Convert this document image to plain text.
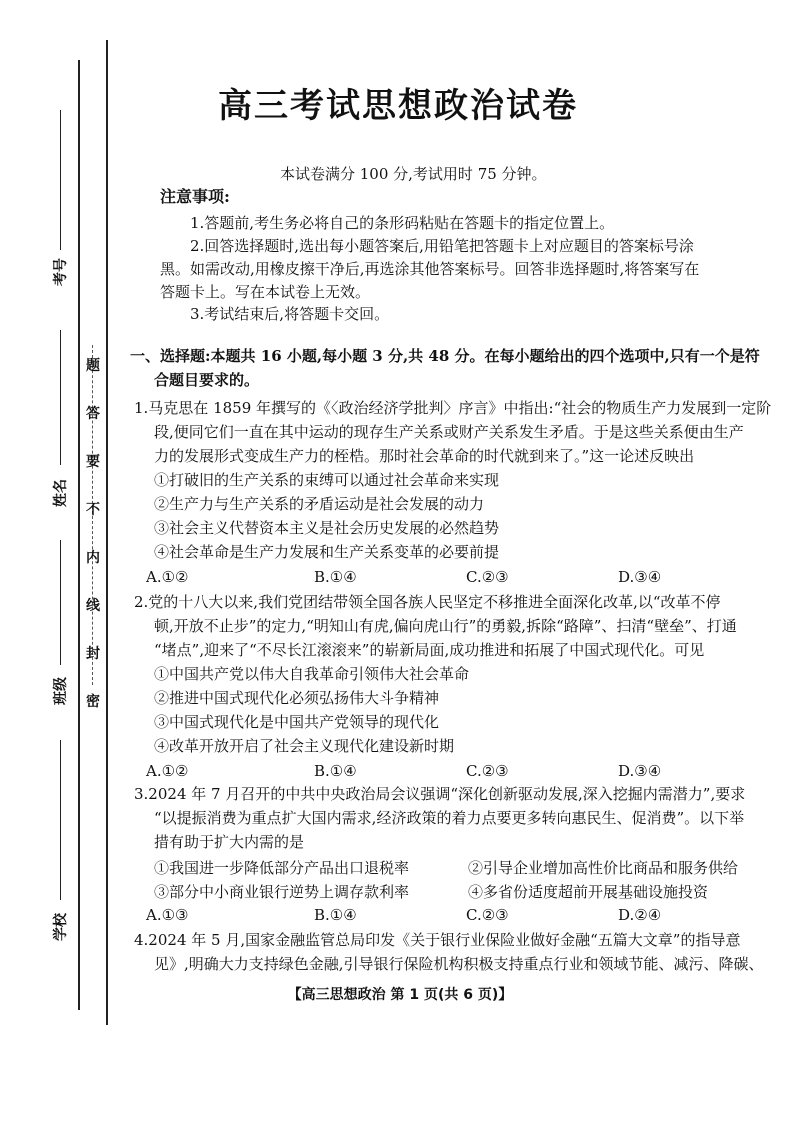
考号
姓名
班级
学校
题
答
要
不
内
线
封
密
高三考试思想政治试卷
本试卷满分 100 分,考试用时 75 分钟。
注意事项:
1.答题前,考生务必将自己的条形码粘贴在答题卡的指定位置上。
2.回答选择题时,选出每小题答案后,用铅笔把答题卡上对应题目的答案标号涂
黑。如需改动,用橡皮擦干净后,再选涂其他答案标号。回答非选择题时,将答案写在
答题卡上。写在本试卷上无效。
3.考试结束后,将答题卡交回。
一、选择题:本题共 16 小题,每小题 3 分,共 48 分。在每小题给出的四个选项中,只有一个是符
合题目要求的。
1.马克思在 1859 年撰写的《〈政治经济学批判〉序言》中指出:“社会的物质生产力发展到一定阶
段,便同它们一直在其中运动的现存生产关系或财产关系发生矛盾。于是这些关系便由生产
力的发展形式变成生产力的桎梏。那时社会革命的时代就到来了。”这一论述反映出
①打破旧的生产关系的束缚可以通过社会革命来实现
②生产力与生产关系的矛盾运动是社会发展的动力
③社会主义代替资本主义是社会历史发展的必然趋势
④社会革命是生产力发展和生产关系变革的必要前提
A.①②	B.①④	C.②③	D.③④
2.党的十八大以来,我们党团结带领全国各族人民坚定不移推进全面深化改革,以“改革不停
顿,开放不止步”的定力,“明知山有虎,偏向虎山行”的勇毅,拆除“路障”、扫清“壁垒”、打通
“堵点”,迎来了“不尽长江滚滚来”的崭新局面,成功推进和拓展了中国式现代化。可见
①中国共产党以伟大自我革命引领伟大社会革命
②推进中国式现代化必须弘扬伟大斗争精神
③中国式现代化是中国共产党领导的现代化
④改革开放开启了社会主义现代化建设新时期
A.①②	B.①④	C.②③	D.③④
3.2024 年 7 月召开的中共中央政治局会议强调“深化创新驱动发展,深入挖掘内需潜力”,要求
“以提振消费为重点扩大国内需求,经济政策的着力点要更多转向惠民生、促消费”。以下举
措有助于扩大内需的是
①我国进一步降低部分产品出口退税率	②引导企业增加高性价比商品和服务供给
③部分中小商业银行逆势上调存款利率	④多省份适度超前开展基础设施投资
A.①③	B.①④	C.②③	D.②④
4.2024 年 5 月,国家金融监管总局印发《关于银行业保险业做好金融“五篇大文章”的指导意
见》,明确大力支持绿色金融,引导银行保险机构积极支持重点行业和领域节能、减污、降碳、
【高三思想政治 第 1 页(共 6 页)】
